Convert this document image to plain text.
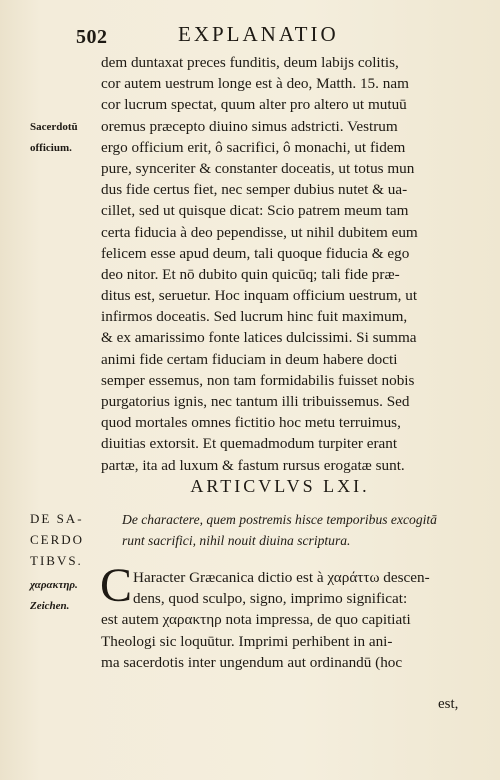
502	EXPLANATIO
Sacerdotū
officium.
dem duntaxat preces funditis, deum labijs colitis,
cor autem uestrum longe est à deo, Matth. 15. nam
cor lucrum spectat, quum alter pro altero ut mutuū
oremus præcepto diuino simus adstricti. Vestrum
ergo officium erit, ô sacrifici, ô monachi, ut fidem
pure, synceriter & constanter doceatis, ut totus mun
dus fide certus fiet, nec semper dubius nutet & ua-
cillet, sed ut quisque dicat: Scio patrem meum tam
certa fiducia à deo pependisse, ut nihil dubitem eum
felicem esse apud deum, tali quoque fiducia & ego
deo nitor. Et nō dubito quin quicūq; tali fide præ-
ditus est, seruetur. Hoc inquam officium uestrum, ut
infirmos doceatis. Sed lucrum hinc fuit maximum,
& ex amarissimo fonte latices dulcissimi. Si summa
animi fide certam fiduciam in deum habere docti
semper essemus, non tam formidabilis fuisset nobis
purgatorius ignis, nec tantum illi tribuissemus. Sed
quod mortales omnes fictitio hoc metu terruimus,
diuitias extorsit. Et quemadmodum turpiter erant
partæ, ita ad luxum & fastum rursus erogatæ sunt.
ARTICVLVS LXI.
DE SA-
CERDO
TIBVS.
De charactere, quem postremis hisce temporibus excogitā
runt sacrifici, nihil nouit diuina scriptura.
χαρακτηρ.
Zeichen. C Haracter Græcanica dictio est à χαράττω descen-
dens, quod sculpo, signo, imprimo significat:
est autem χαρακτηρ nota impressa, de quo capitiati
Theologi sic loquūtur. Imprimi perhibent in ani-
ma sacerdotis inter ungendum aut ordinandū (hoc
est,
